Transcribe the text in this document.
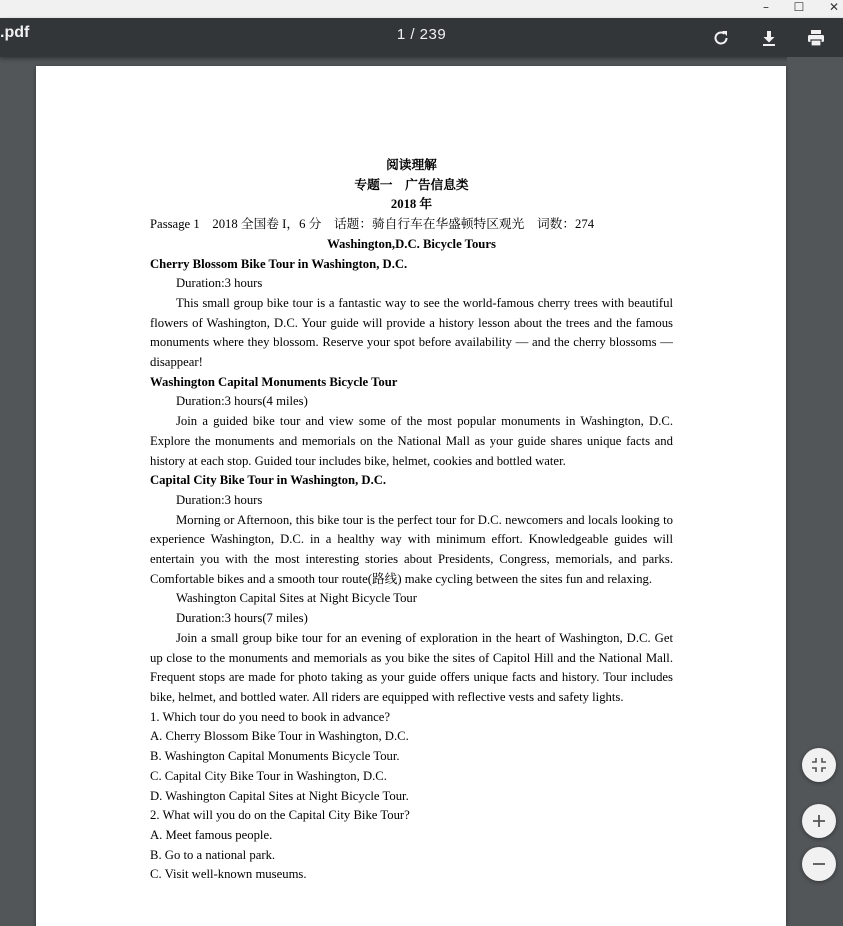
–	☐	✕
.pdf	1 / 239
阅读理解
专题一　广告信息类
2018 年
Passage 1　2018 全国卷 I，6 分　话题：骑自行车在华盛顿特区观光　词数：274
Washington,D.C. Bicycle Tours
Cherry Blossom Bike Tour in Washington, D.C.
Duration:3 hours
This small group bike tour is a fantastic way to see the world-famous cherry trees with beautiful flowers of Washington, D.C. Your guide will provide a history lesson about the trees and the famous monuments where they blossom. Reserve your spot before availability — and the cherry blossoms — disappear!
Washington Capital Monuments Bicycle Tour
Duration:3 hours(4 miles)
Join a guided bike tour and view some of the most popular monuments in Washington, D.C. Explore the monuments and memorials on the National Mall as your guide shares unique facts and history at each stop. Guided tour includes bike, helmet, cookies and bottled water.
Capital City Bike Tour in Washington, D.C.
Duration:3 hours
Morning or Afternoon, this bike tour is the perfect tour for D.C. newcomers and locals looking to experience Washington, D.C. in a healthy way with minimum effort. Knowledgeable guides will entertain you with the most interesting stories about Presidents, Congress, memorials, and parks. Comfortable bikes and a smooth tour route(路线) make cycling between the sites fun and relaxing.
Washington Capital Sites at Night Bicycle Tour
Duration:3 hours(7 miles)
Join a small group bike tour for an evening of exploration in the heart of Washington, D.C. Get up close to the monuments and memorials as you bike the sites of Capitol Hill and the National Mall. Frequent stops are made for photo taking as your guide offers unique facts and history. Tour includes bike, helmet, and bottled water. All riders are equipped with reflective vests and safety lights.
1. Which tour do you need to book in advance?
A. Cherry Blossom Bike Tour in Washington, D.C.
B. Washington Capital Monuments Bicycle Tour.
C. Capital City Bike Tour in Washington, D.C.
D. Washington Capital Sites at Night Bicycle Tour.
2. What will you do on the Capital City Bike Tour?
A. Meet famous people.
B. Go to a national park.
C. Visit well-known museums.
